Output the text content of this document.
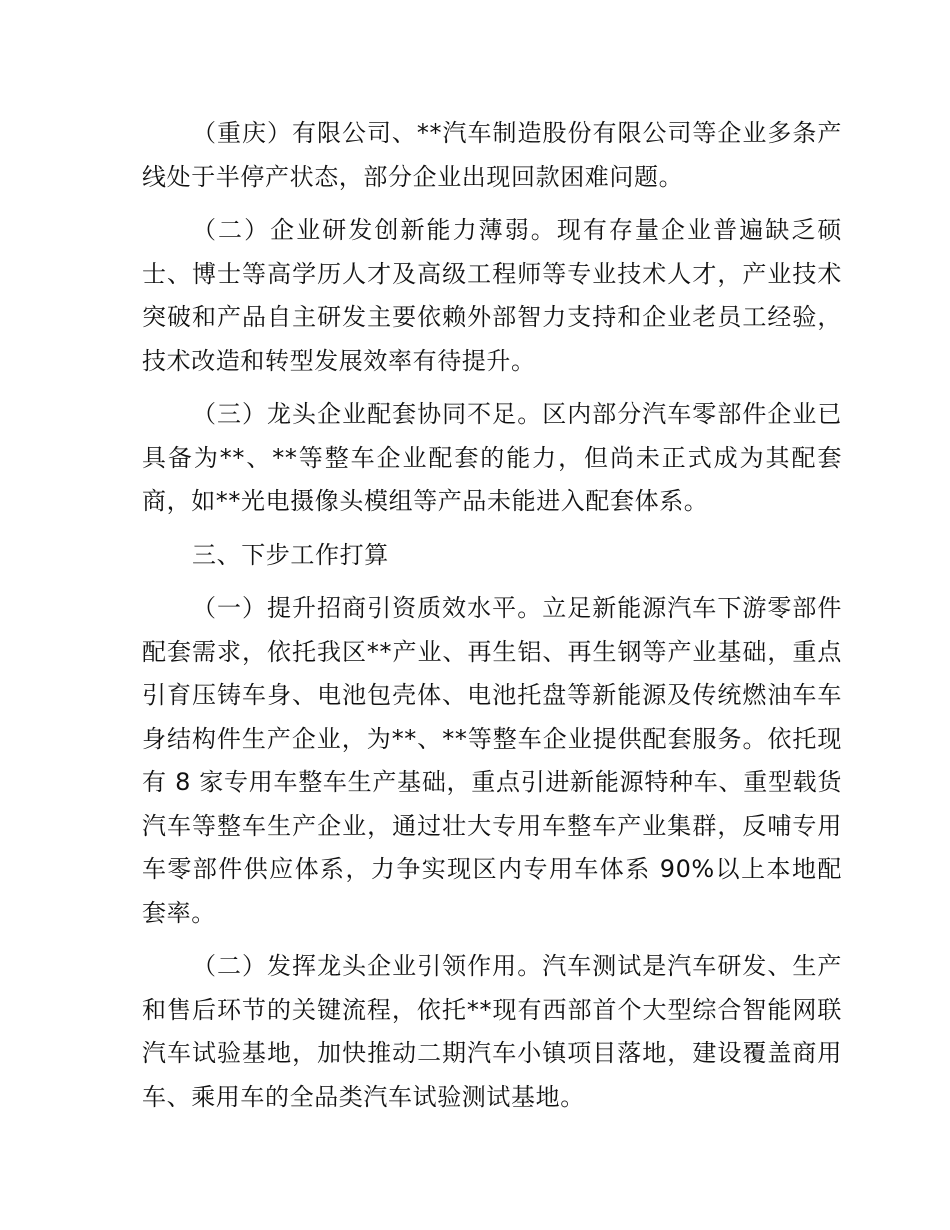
（重庆）有限公司、**汽车制造股份有限公司等企业多条产线处于半停产状态，部分企业出现回款困难问题。

（二）企业研发创新能力薄弱。现有存量企业普遍缺乏硕士、博士等高学历人才及高级工程师等专业技术人才，产业技术突破和产品自主研发主要依赖外部智力支持和企业老员工经验，技术改造和转型发展效率有待提升。

（三）龙头企业配套协同不足。区内部分汽车零部件企业已具备为**、**等整车企业配套的能力，但尚未正式成为其配套商，如**光电摄像头模组等产品未能进入配套体系。

三、下步工作打算

（一）提升招商引资质效水平。立足新能源汽车下游零部件配套需求，依托我区**产业、再生铝、再生钢等产业基础，重点引育压铸车身、电池包壳体、电池托盘等新能源及传统燃油车车身结构件生产企业，为**、**等整车企业提供配套服务。依托现有 8 家专用车整车生产基础，重点引进新能源特种车、重型载货汽车等整车生产企业，通过壮大专用车整车产业集群，反哺专用车零部件供应体系，力争实现区内专用车体系 90%以上本地配套率。

（二）发挥龙头企业引领作用。汽车测试是汽车研发、生产和售后环节的关键流程，依托**现有西部首个大型综合智能网联汽车试验基地，加快推动二期汽车小镇项目落地，建设覆盖商用车、乘用车的全品类汽车试验测试基地。
